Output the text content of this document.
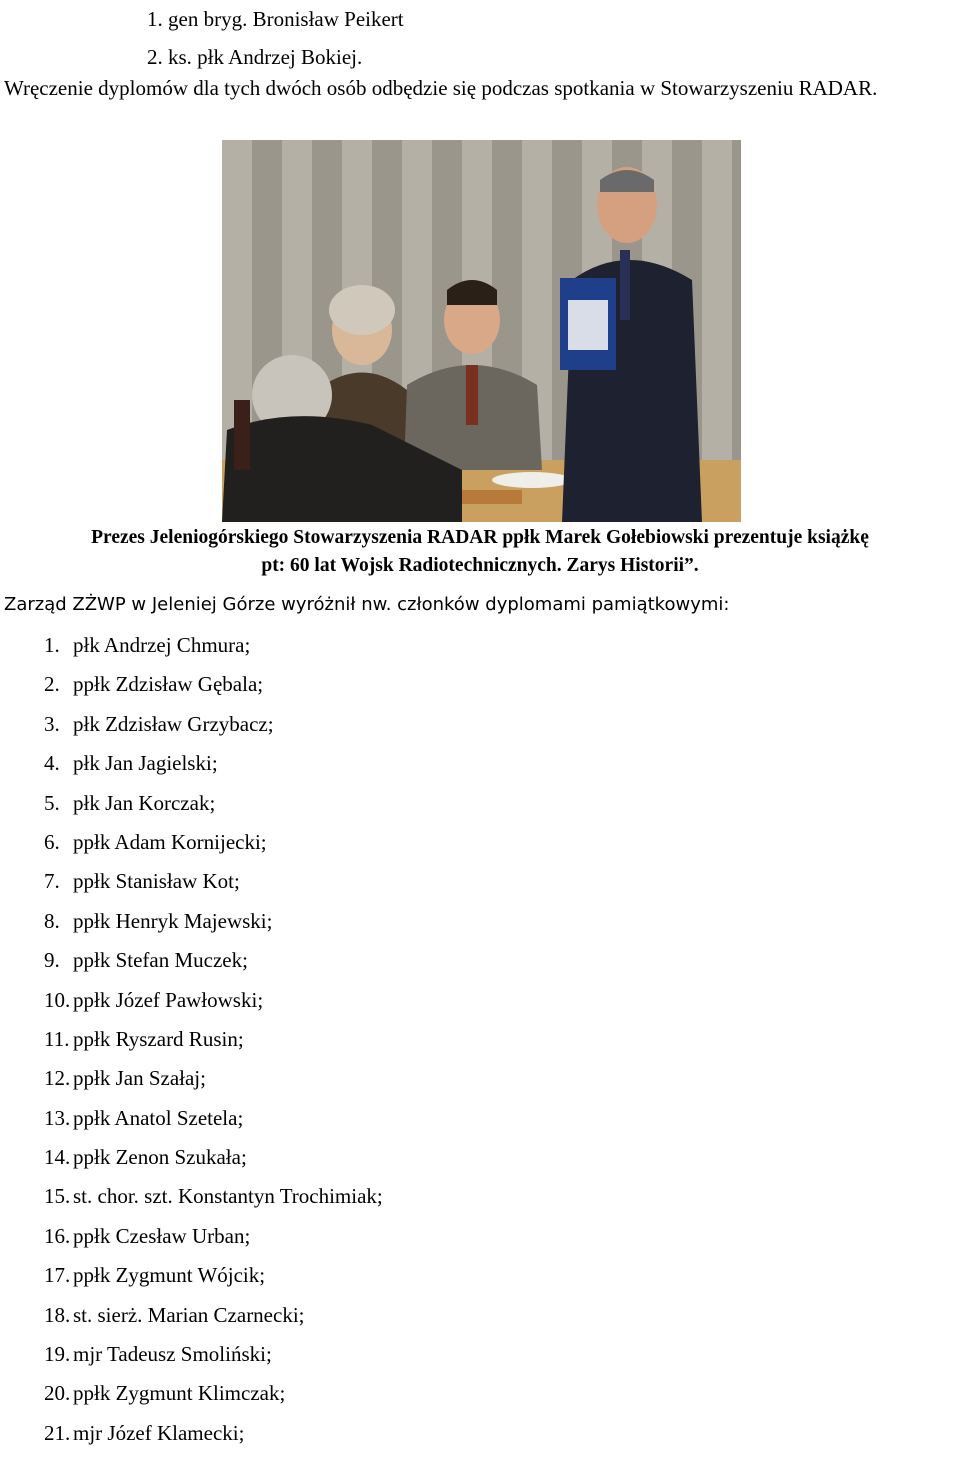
1. gen bryg. Bronisław Peikert
2. ks. płk Andrzej Bokiej.
Wręczenie dyplomów dla tych dwóch osób odbędzie się podczas spotkania w Stowarzyszeniu RADAR.
Prezes Jeleniogórskiego Stowarzyszenia RADAR ppłk Marek Gołebiowski prezentuje książkę
pt: 60 lat Wojsk Radiotechnicznych. Zarys Historii”.
Zarząd ZŻWP w Jeleniej Górze wyróżnił nw. członków dyplomami pamiątkowymi:
1. płk Andrzej Chmura;
2. ppłk Zdzisław Gębala;
3. płk Zdzisław Grzybacz;
4. płk Jan Jagielski;
5. płk Jan Korczak;
6. ppłk Adam Kornijecki;
7. ppłk Stanisław Kot;
8. ppłk Henryk Majewski;
9. ppłk Stefan Muczek;
10. ppłk Józef Pawłowski;
11. ppłk Ryszard Rusin;
12. ppłk Jan Szałaj;
13. ppłk Anatol Szetela;
14. ppłk Zenon Szukała;
15. st. chor. szt. Konstantyn Trochimiak;
16. ppłk Czesław Urban;
17. ppłk Zygmunt Wójcik;
18. st. sierż. Marian Czarnecki;
19. mjr Tadeusz Smoliński;
20. ppłk Zygmunt Klimczak;
21. mjr Józef Klamecki;
